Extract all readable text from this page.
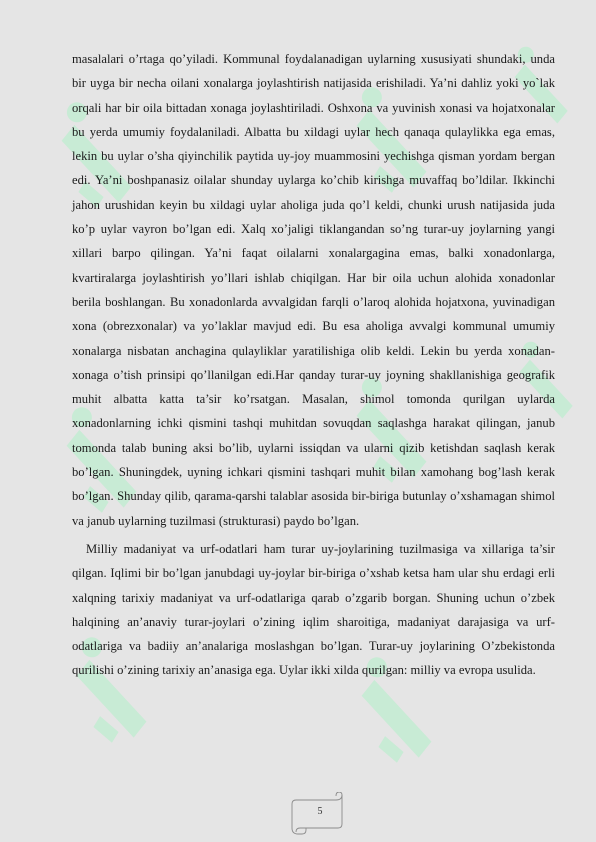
masalalari o’rtaga qo’yiladi. Kommunal foydalanadigan uylarning xususiyati shundaki, unda bir uyga bir necha oilani xonalarga joylashtirish natijasida erishiladi. Ya’ni dahliz yoki yo`lak orqali har bir oila bittadan xonaga joylashtiriladi. Oshxona va yuvinish xonasi va hojatxonalar bu yerda umumiy foydalaniladi. Albatta bu xildagi uylar hech qanaqa qulaylikka ega emas, lekin bu uylar o’sha qiyinchilik paytida uy-joy muammosini yechishga qisman yordam bergan edi. Ya’ni boshpanasiz oilalar shunday uylarga ko’chib kirishga muvaffaq bo’ldilar. Ikkinchi jahon urushidan keyin bu xildagi uylar aholiga juda qo’l keldi, chunki urush natijasida juda ko’p uylar vayron bo’lgan edi. Xalq xo’jaligi tiklangandan so’ng turar-uy joylarning yangi xillari barpo qilingan. Ya’ni faqat oilalarni xonalargagina emas, balki xonadonlarga, kvartiralarga joylashtirish yo’llari ishlab chiqilgan. Har bir oila uchun alohida xonadonlar berila boshlangan. Bu xonadonlarda avvalgidan farqli o’laroq alohida hojatxona, yuvinadigan xona (obrezxonalar) va yo’laklar mavjud edi. Bu esa aholiga avvalgi kommunal umumiy xonalarga nisbatan anchagina qulayliklar yaratilishiga olib keldi. Lekin bu yerda xonadan-xonaga o’tish prinsipi qo’llanilgan edi.Har qanday turar-uy joyning shakllanishiga geografik muhit albatta katta ta’sir ko’rsatgan. Masalan, shimol tomonda qurilgan uylarda xonadonlarning ichki qismini tashqi muhitdan sovuqdan saqlashga harakat qilingan, janub tomonda talab buning aksi bo’lib, uylarni issiqdan va ularni qizib ketishdan saqlash kerak bo’lgan. Shuningdek, uyning ichkari qismini tashqari muhit bilan xamohang bog’lash kerak bo’lgan. Shunday qilib, qarama-qarshi talablar asosida bir-biriga butunlay o’xshamagan shimol va janub uylarning tuzilmasi (strukturasi) paydo bo’lgan.

Milliy madaniyat va urf-odatlari ham turar uy-joylarining tuzilmasiga va xillariga ta’sir qilgan. Iqlimi bir bo’lgan janubdagi uy-joylar bir-biriga o’xshab ketsa ham ular shu erdagi erli xalqning tarixiy madaniyat va urf-odatlariga qarab o’zgarib borgan. Shuning uchun o’zbek halqining an’anaviy turar-joylari o’zining iqlim sharoitiga, madaniyat darajasiga va urf-odatlariga va badiiy an’analariga moslashgan bo’lgan. Turar-uy joylarining O’zbekistonda qurilishi o’zining tarixiy an’anasiga ega. Uylar ikki xilda qurilgan: milliy va evropa usulida.

5
